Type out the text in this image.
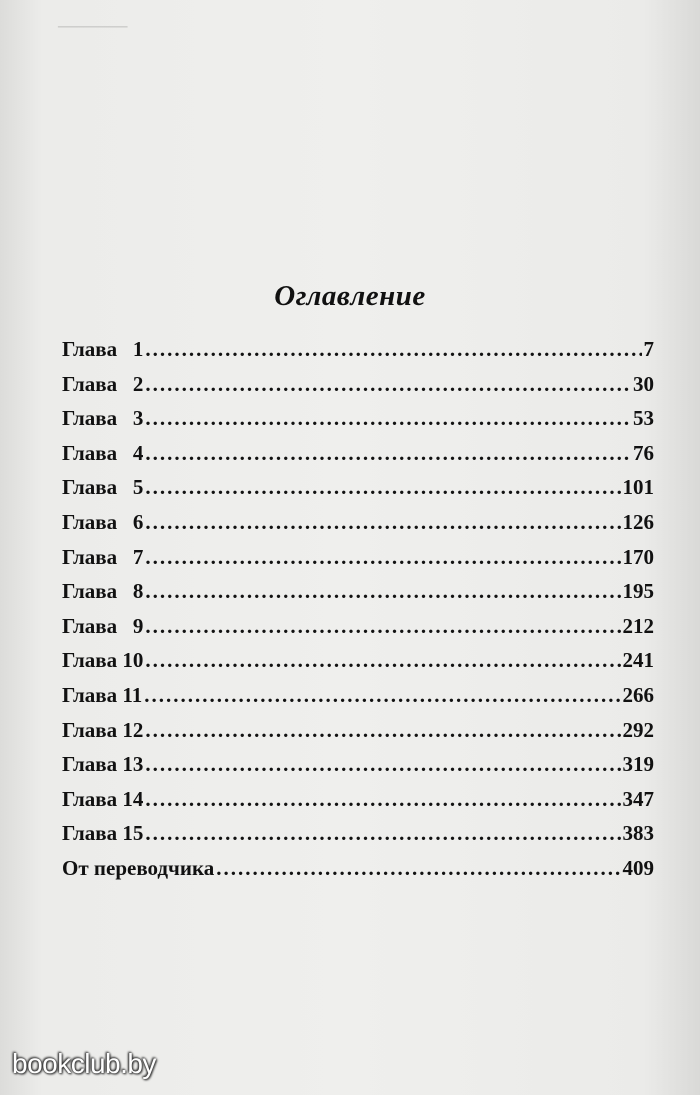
———
Оглавление
Глава   1 .....	7
Глава   2 .....	30
Глава   3 .....	53
Глава   4 .....	76
Глава   5 .....	101
Глава   6 .....	126
Глава   7 .....	170
Глава   8 .....	195
Глава   9 .....	212
Глава 10 .....	241
Глава 11 .....	266
Глава 12 .....	292
Глава 13 .....	319
Глава 14 .....	347
Глава 15 .....	383
От переводчика .....	409
bookclub.by
